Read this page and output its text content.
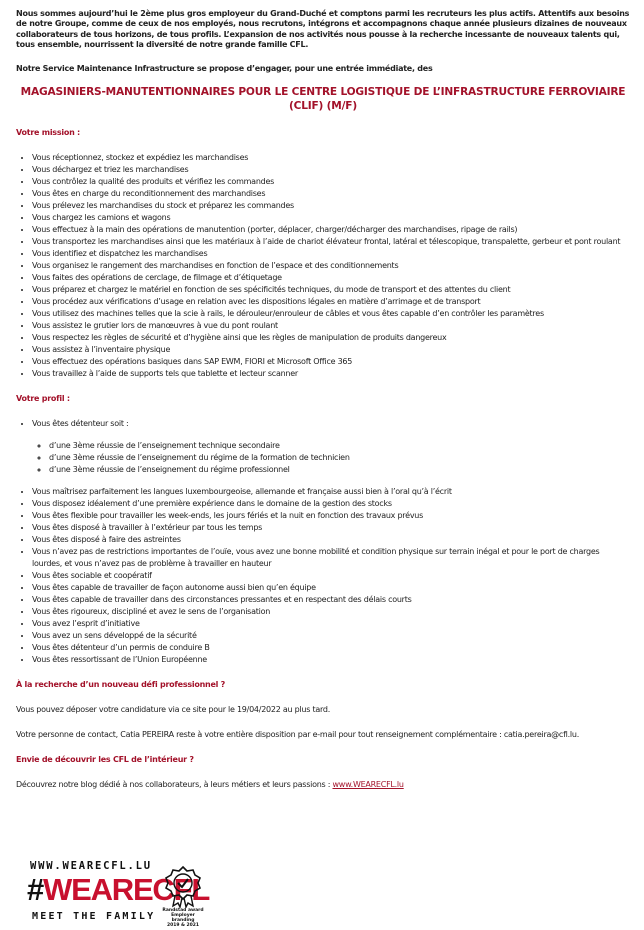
Nous sommes aujourd’hui le 2ème plus gros employeur du Grand-Duché et comptons parmi les recruteurs les plus actifs. Attentifs aux besoins de notre Groupe, comme de ceux de nos employés, nous recrutons, intégrons et accompagnons chaque année plusieurs dizaines de nouveaux collaborateurs de tous horizons, de tous profils. L’expansion de nos activités nous pousse à la recherche incessante de nouveaux talents qui, tous ensemble, nourrissent la diversité de notre grande famille CFL.

Notre Service Maintenance Infrastructure se propose d’engager, pour une entrée immédiate, des

MAGASINIERS-MANUTENTIONNAIRES POUR LE CENTRE LOGISTIQUE DE L’INFRASTRUCTURE FERROVIAIRE (CLIF) (M/F)
Votre mission :
• Vous réceptionnez, stockez et expédiez les marchandises
• Vous déchargez et triez les marchandises
• Vous contrôlez la qualité des produits et vérifiez les commandes
• Vous êtes en charge du reconditionnement des marchandises
• Vous prélevez les marchandises du stock et préparez les commandes
• Vous chargez les camions et wagons
• Vous effectuez à la main des opérations de manutention (porter, déplacer, charger/décharger des marchandises, ripage de rails)
• Vous transportez les marchandises ainsi que les matériaux à l’aide de chariot élévateur frontal, latéral et télescopique, transpalette, gerbeur et pont roulant
• Vous identifiez et dispatchez les marchandises
• Vous organisez le rangement des marchandises en fonction de l’espace et des conditionnements
• Vous faites des opérations de cerclage, de filmage et d’étiquetage
• Vous préparez et chargez le matériel en fonction de ses spécificités techniques, du mode de transport et des attentes du client
• Vous procédez aux vérifications d’usage en relation avec les dispositions légales en matière d’arrimage et de transport
• Vous utilisez des machines telles que la scie à rails, le dérouleur/enrouleur de câbles et vous êtes capable d’en contrôler les paramètres
• Vous assistez le grutier lors de manœuvres à vue du pont roulant
• Vous respectez les règles de sécurité et d’hygiène ainsi que les règles de manipulation de produits dangereux
• Vous assistez à l’inventaire physique
• Vous effectuez des opérations basiques dans SAP EWM, FIORI et Microsoft Office 365
• Vous travaillez à l’aide de supports tels que tablette et lecteur scanner
Votre profil :
• Vous êtes détenteur soit :
◦ d’une 3ème réussie de l’enseignement technique secondaire
◦ d’une 3ème réussie de l’enseignement du régime de la formation de technicien
◦ d’une 3ème réussie de l’enseignement du régime professionnel
• Vous maîtrisez parfaitement les langues luxembourgeoise, allemande et française aussi bien à l’oral qu’à l’écrit
• Vous disposez idéalement d’une première expérience dans le domaine de la gestion des stocks
• Vous êtes flexible pour travailler les week-ends, les jours fériés et la nuit en fonction des travaux prévus
• Vous êtes disposé à travailler à l’extérieur par tous les temps
• Vous êtes disposé à faire des astreintes
• Vous n’avez pas de restrictions importantes de l’ouïe, vous avez une bonne mobilité et condition physique sur terrain inégal et pour le port de charges lourdes, et vous n’avez pas de problème à travailler en hauteur
• Vous êtes sociable et coopératif
• Vous êtes capable de travailler de façon autonome aussi bien qu’en équipe
• Vous êtes capable de travailler dans des circonstances pressantes et en respectant des délais courts
• Vous êtes rigoureux, discipliné et avez le sens de l’organisation
• Vous avez l’esprit d’initiative
• Vous avez un sens développé de la sécurité
• Vous êtes détenteur d’un permis de conduire B
• Vous êtes ressortissant de l’Union Européenne
À la recherche d’un nouveau défi professionnel ?

Vous pouvez déposer votre candidature via ce site pour le 19/04/2022 au plus tard.

Votre personne de contact, Catia PEREIRA reste à votre entière disposition par e-mail pour tout renseignement complémentaire : catia.pereira@cfl.lu.

Envie de découvrir les CFL de l’intérieur ?

Découvrez notre blog dédié à nos collaborateurs, à leurs métiers et leurs passions : www.WEARECFL.lu

WWW.WEARECFL.LU
#WEARECFL
MEET THE FAMILY
Randstad award
Employer branding
2019 & 2021
